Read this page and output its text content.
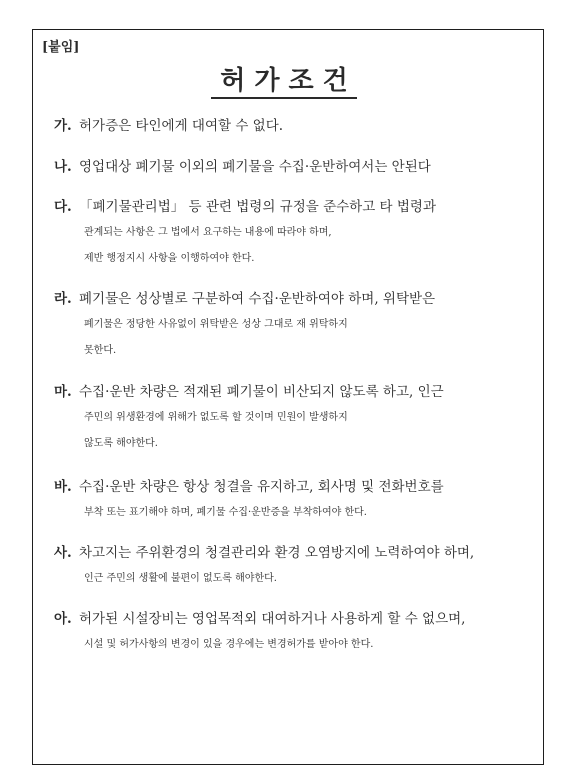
[붙임]
허가조건
가. 허가증은 타인에게 대여할 수 없다.
나. 영업대상 폐기물 이외의 폐기물을 수집·운반하여서는 안된다
다. 「폐기물관리법」 등 관련 법령의 규정을 준수하고 타 법령과
관계되는 사항은 그 법에서 요구하는 내용에 따라야 하며,
제반 행정지시 사항을 이행하여야 한다.
라. 폐기물은 성상별로 구분하여 수집·운반하여야 하며, 위탁받은
폐기물은 정당한 사유없이 위탁받은 성상 그대로 재 위탁하지
못한다.
마. 수집·운반 차량은 적재된 폐기물이 비산되지 않도록 하고, 인근
주민의 위생환경에 위해가 없도록 할 것이며 민원이 발생하지
않도록 해야한다.
바. 수집·운반 차량은 항상 청결을 유지하고, 회사명 및 전화번호를
부착 또는 표기해야 하며, 폐기물 수집·운반증을 부착하여야 한다.
사. 차고지는 주위환경의 청결관리와 환경 오염방지에 노력하여야 하며,
인근 주민의 생활에 불편이 없도록 해야한다.
아. 허가된 시설장비는 영업목적외 대여하거나 사용하게 할 수 없으며,
시설 및 허가사항의 변경이 있을 경우에는 변경허가를 받아야 한다.
